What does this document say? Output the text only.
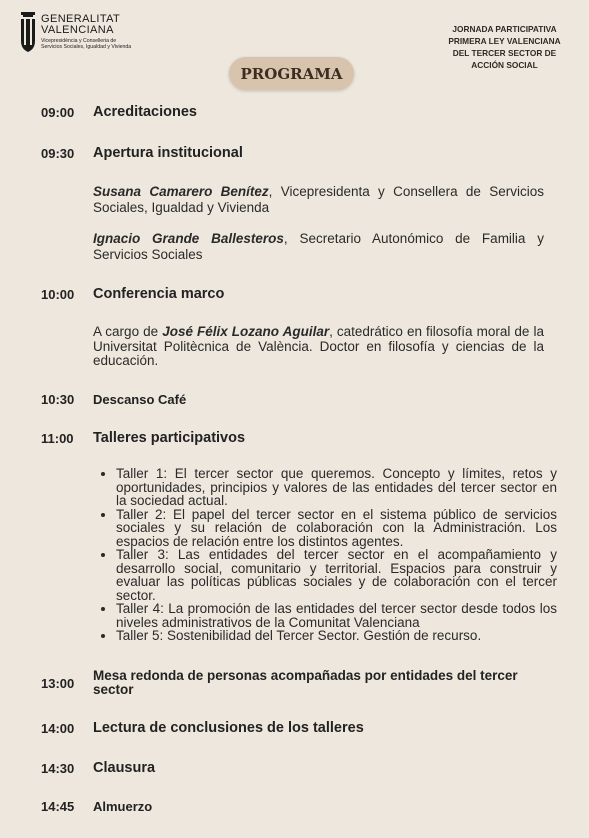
GENERALITAT
VALENCIANA
Vicepresidència y Conselleria de
Servicios Sociales, Igualdad y Vivienda
JORNADA PARTICIPATIVA
PRIMERA LEY VALENCIANA
DEL TERCER SECTOR DE
ACCIÓN SOCIAL
PROGRAMA
09:00 Acreditaciones
09:30 Apertura institucional
Susana Camarero Benítez, Vicepresidenta y Consellera de Servicios Sociales, Igualdad y Vivienda
Ignacio Grande Ballesteros, Secretario Autonómico de Familia y Servicios Sociales
10:00 Conferencia marco
A cargo de José Félix Lozano Aguilar, catedrático en filosofía moral de la Universitat Politècnica de València. Doctor en filosofía y ciencias de la educación.
10:30 Descanso Café
11:00 Talleres participativos
• Taller 1: El tercer sector que queremos. Concepto y límites, retos y oportunidades, principios y valores de las entidades del tercer sector en la sociedad actual.
• Taller 2: El papel del tercer sector en el sistema público de servicios sociales y su relación de colaboración con la Administración. Los espacios de relación entre los distintos agentes.
• Taller 3: Las entidades del tercer sector en el acompañamiento y desarrollo social, comunitario y territorial. Espacios para construir y evaluar las políticas públicas sociales y de colaboración con el tercer sector.
• Taller 4: La promoción de las entidades del tercer sector desde todos los niveles administrativos de la Comunitat Valenciana
• Taller 5: Sostenibilidad del Tercer Sector. Gestión de recurso.
13:00
Mesa redonda de personas acompañadas por entidades del tercer sector
14:00 Lectura de conclusiones de los talleres
14:30 Clausura
14:45 Almuerzo
